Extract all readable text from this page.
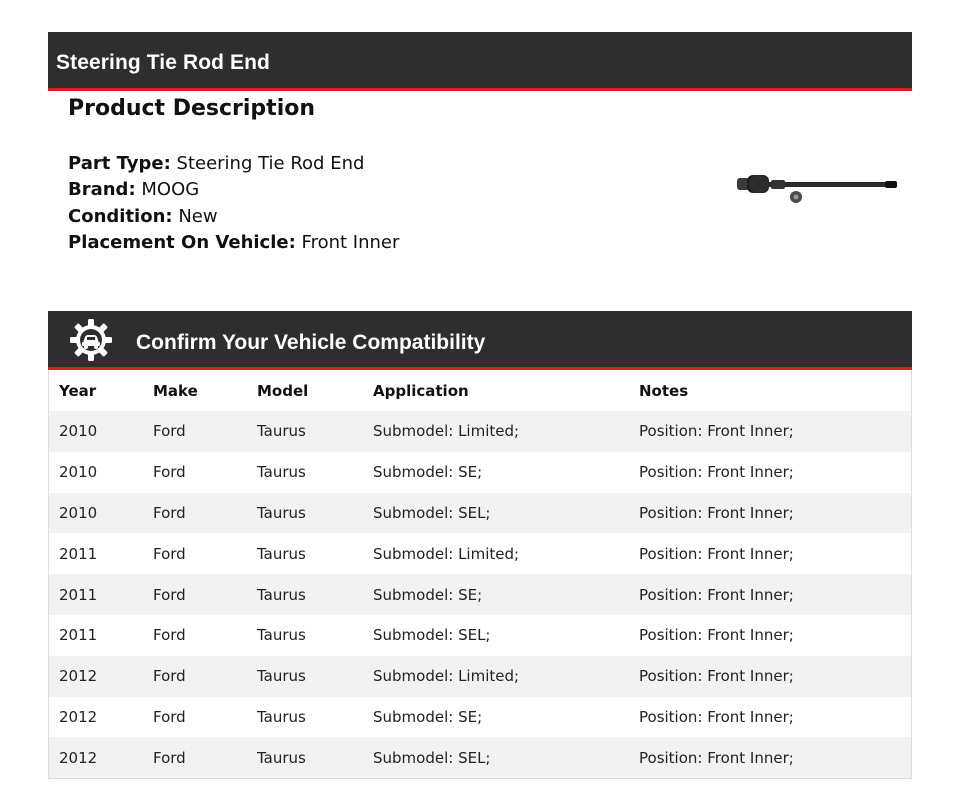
Steering Tie Rod End
Product Description
Part Type: Steering Tie Rod End
Brand: MOOG
Condition: New
Placement On Vehicle: Front Inner
Confirm Your Vehicle Compatibility
Year	Make	Model	Application	Notes
2010	Ford	Taurus	Submodel: Limited;	Position: Front Inner;
2010	Ford	Taurus	Submodel: SE;	Position: Front Inner;
2010	Ford	Taurus	Submodel: SEL;	Position: Front Inner;
2011	Ford	Taurus	Submodel: Limited;	Position: Front Inner;
2011	Ford	Taurus	Submodel: SE;	Position: Front Inner;
2011	Ford	Taurus	Submodel: SEL;	Position: Front Inner;
2012	Ford	Taurus	Submodel: Limited;	Position: Front Inner;
2012	Ford	Taurus	Submodel: SE;	Position: Front Inner;
2012	Ford	Taurus	Submodel: SEL;	Position: Front Inner;
